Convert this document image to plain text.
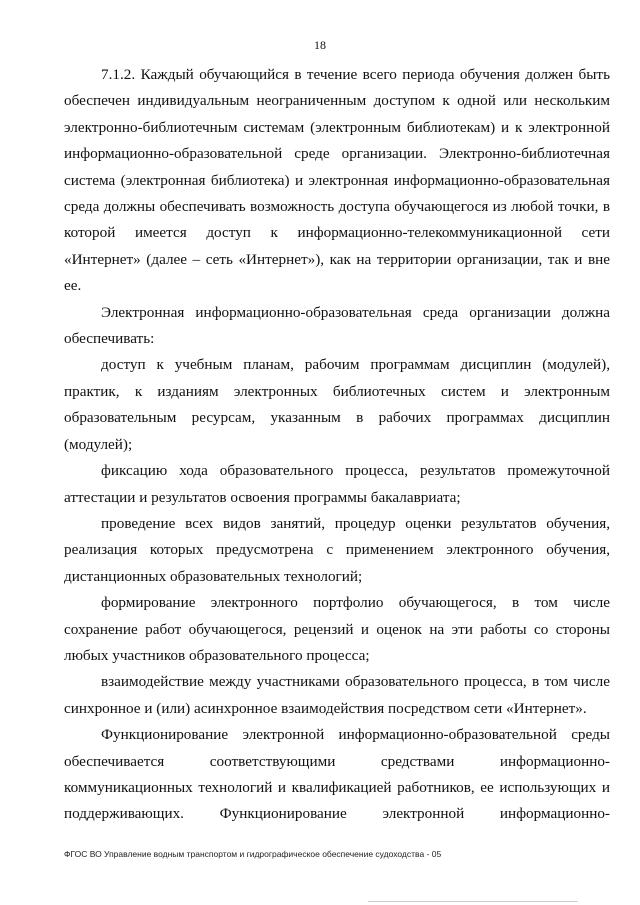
18

7.1.2. Каждый обучающийся в течение всего периода обучения должен быть обеспечен индивидуальным неограниченным доступом к одной или нескольким электронно-библиотечным системам (электронным библиотекам) и к электронной информационно-образовательной среде организации. Электронно-библиотечная система (электронная библиотека) и электронная информационно-образовательная среда должны обеспечивать возможность доступа обучающегося из любой точки, в которой имеется доступ к информационно-телекоммуникационной сети «Интернет» (далее – сеть «Интернет»), как на территории организации, так и вне ее.

Электронная информационно-образовательная среда организации должна обеспечивать:

доступ к учебным планам, рабочим программам дисциплин (модулей), практик, к изданиям электронных библиотечных систем и электронным образовательным ресурсам, указанным в рабочих программах дисциплин (модулей);

фиксацию хода образовательного процесса, результатов промежуточной аттестации и результатов освоения программы бакалавриата;

проведение всех видов занятий, процедур оценки результатов обучения, реализация которых предусмотрена с применением электронного обучения, дистанционных образовательных технологий;

формирование электронного портфолио обучающегося, в том числе сохранение работ обучающегося, рецензий и оценок на эти работы со стороны любых участников образовательного процесса;

взаимодействие между участниками образовательного процесса, в том числе синхронное и (или) асинхронное взаимодействия посредством сети «Интернет».

Функционирование электронной информационно-образовательной среды обеспечивается соответствующими средствами информационно-коммуникационных технологий и квалификацией работников, ее использующих и поддерживающих. Функционирование электронной информационно-

ФГОС ВО Управление водным транспортом и гидрографическое обеспечение судоходства - 05
